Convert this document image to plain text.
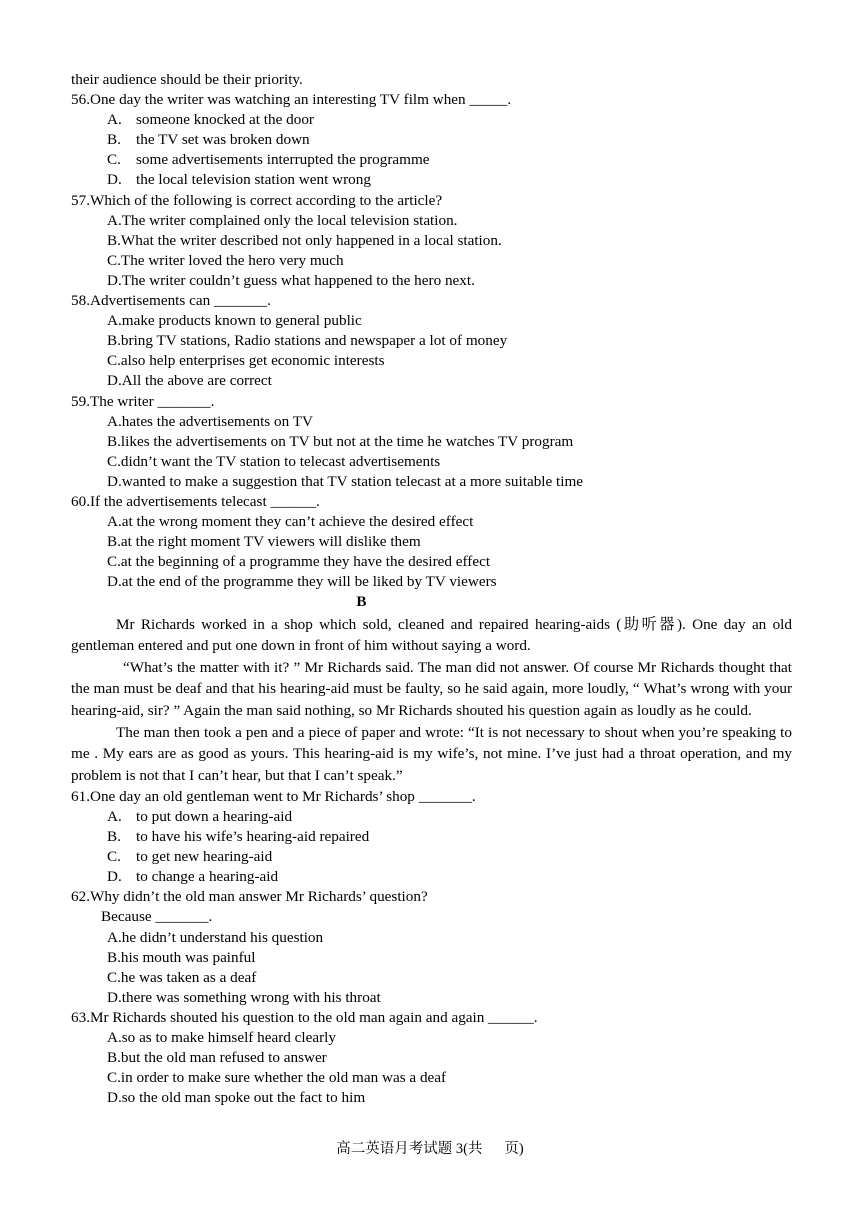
their audience should be their priority.
56.One day the writer was watching an interesting TV film when _____.
A. someone knocked at the door
B. the TV set was broken down
C. some advertisements interrupted the programme
D. the local television station went wrong
57.Which of the following is correct according to the article?
A.The writer complained only the local television station.
B.What the writer described not only happened in a local station.
C.The writer loved the hero very much
D.The writer couldn’t guess what happened to the hero next.
58.Advertisements can _______.
A.make products known to general public
B.bring TV stations, Radio stations and newspaper a lot of money
C.also help enterprises get economic interests
D.All the above are correct
59.The writer _______.
A.hates the advertisements on TV
B.likes the advertisements on TV but not at the time he watches TV program
C.didn’t want the TV station to telecast advertisements
D.wanted to make a suggestion that TV station telecast at a more suitable time
60.If the advertisements telecast ______.
A.at the wrong moment they can’t achieve the desired effect
B.at the right moment TV viewers will dislike them
C.at the beginning of a programme they have the desired effect
D.at the end of the programme they will be liked by TV viewers
B

Mr Richards worked in a shop which sold, cleaned and repaired hearing-aids (助听器). One day an old gentleman entered and put one down in front of him without saying a word.

“What’s the matter with it? ” Mr Richards said. The man did not answer. Of course Mr Richards thought that the man must be deaf and that his hearing-aid must be faulty, so he said again, more loudly, “ What’s wrong with your hearing-aid, sir? ” Again the man said nothing, so Mr Richards shouted his question again as loudly as he could.

The man then took a pen and a piece of paper and wrote: “It is not necessary to shout when you’re speaking to me . My ears are as good as yours. This hearing-aid is my wife’s, not mine. I’ve just had a throat operation, and my problem is not that I can’t hear, but that I can’t speak.”

61.One day an old gentleman went to Mr Richards’ shop _______.
A. to put down a hearing-aid
B. to have his wife’s hearing-aid repaired
C. to get new hearing-aid
D. to change a hearing-aid
62.Why didn’t the old man answer Mr Richards’ question?
Because _______.
A.he didn’t understand his question
B.his mouth was painful
C.he was taken as a deaf
D.there was something wrong with his throat
63.Mr Richards shouted his question to the old man again and again ______.
A.so as to make himself heard clearly
B.but the old man refused to answer
C.in order to make sure whether the old man was a deaf
D.so the old man spoke out the fact to him
高二英语月考试题 3(共 页)
